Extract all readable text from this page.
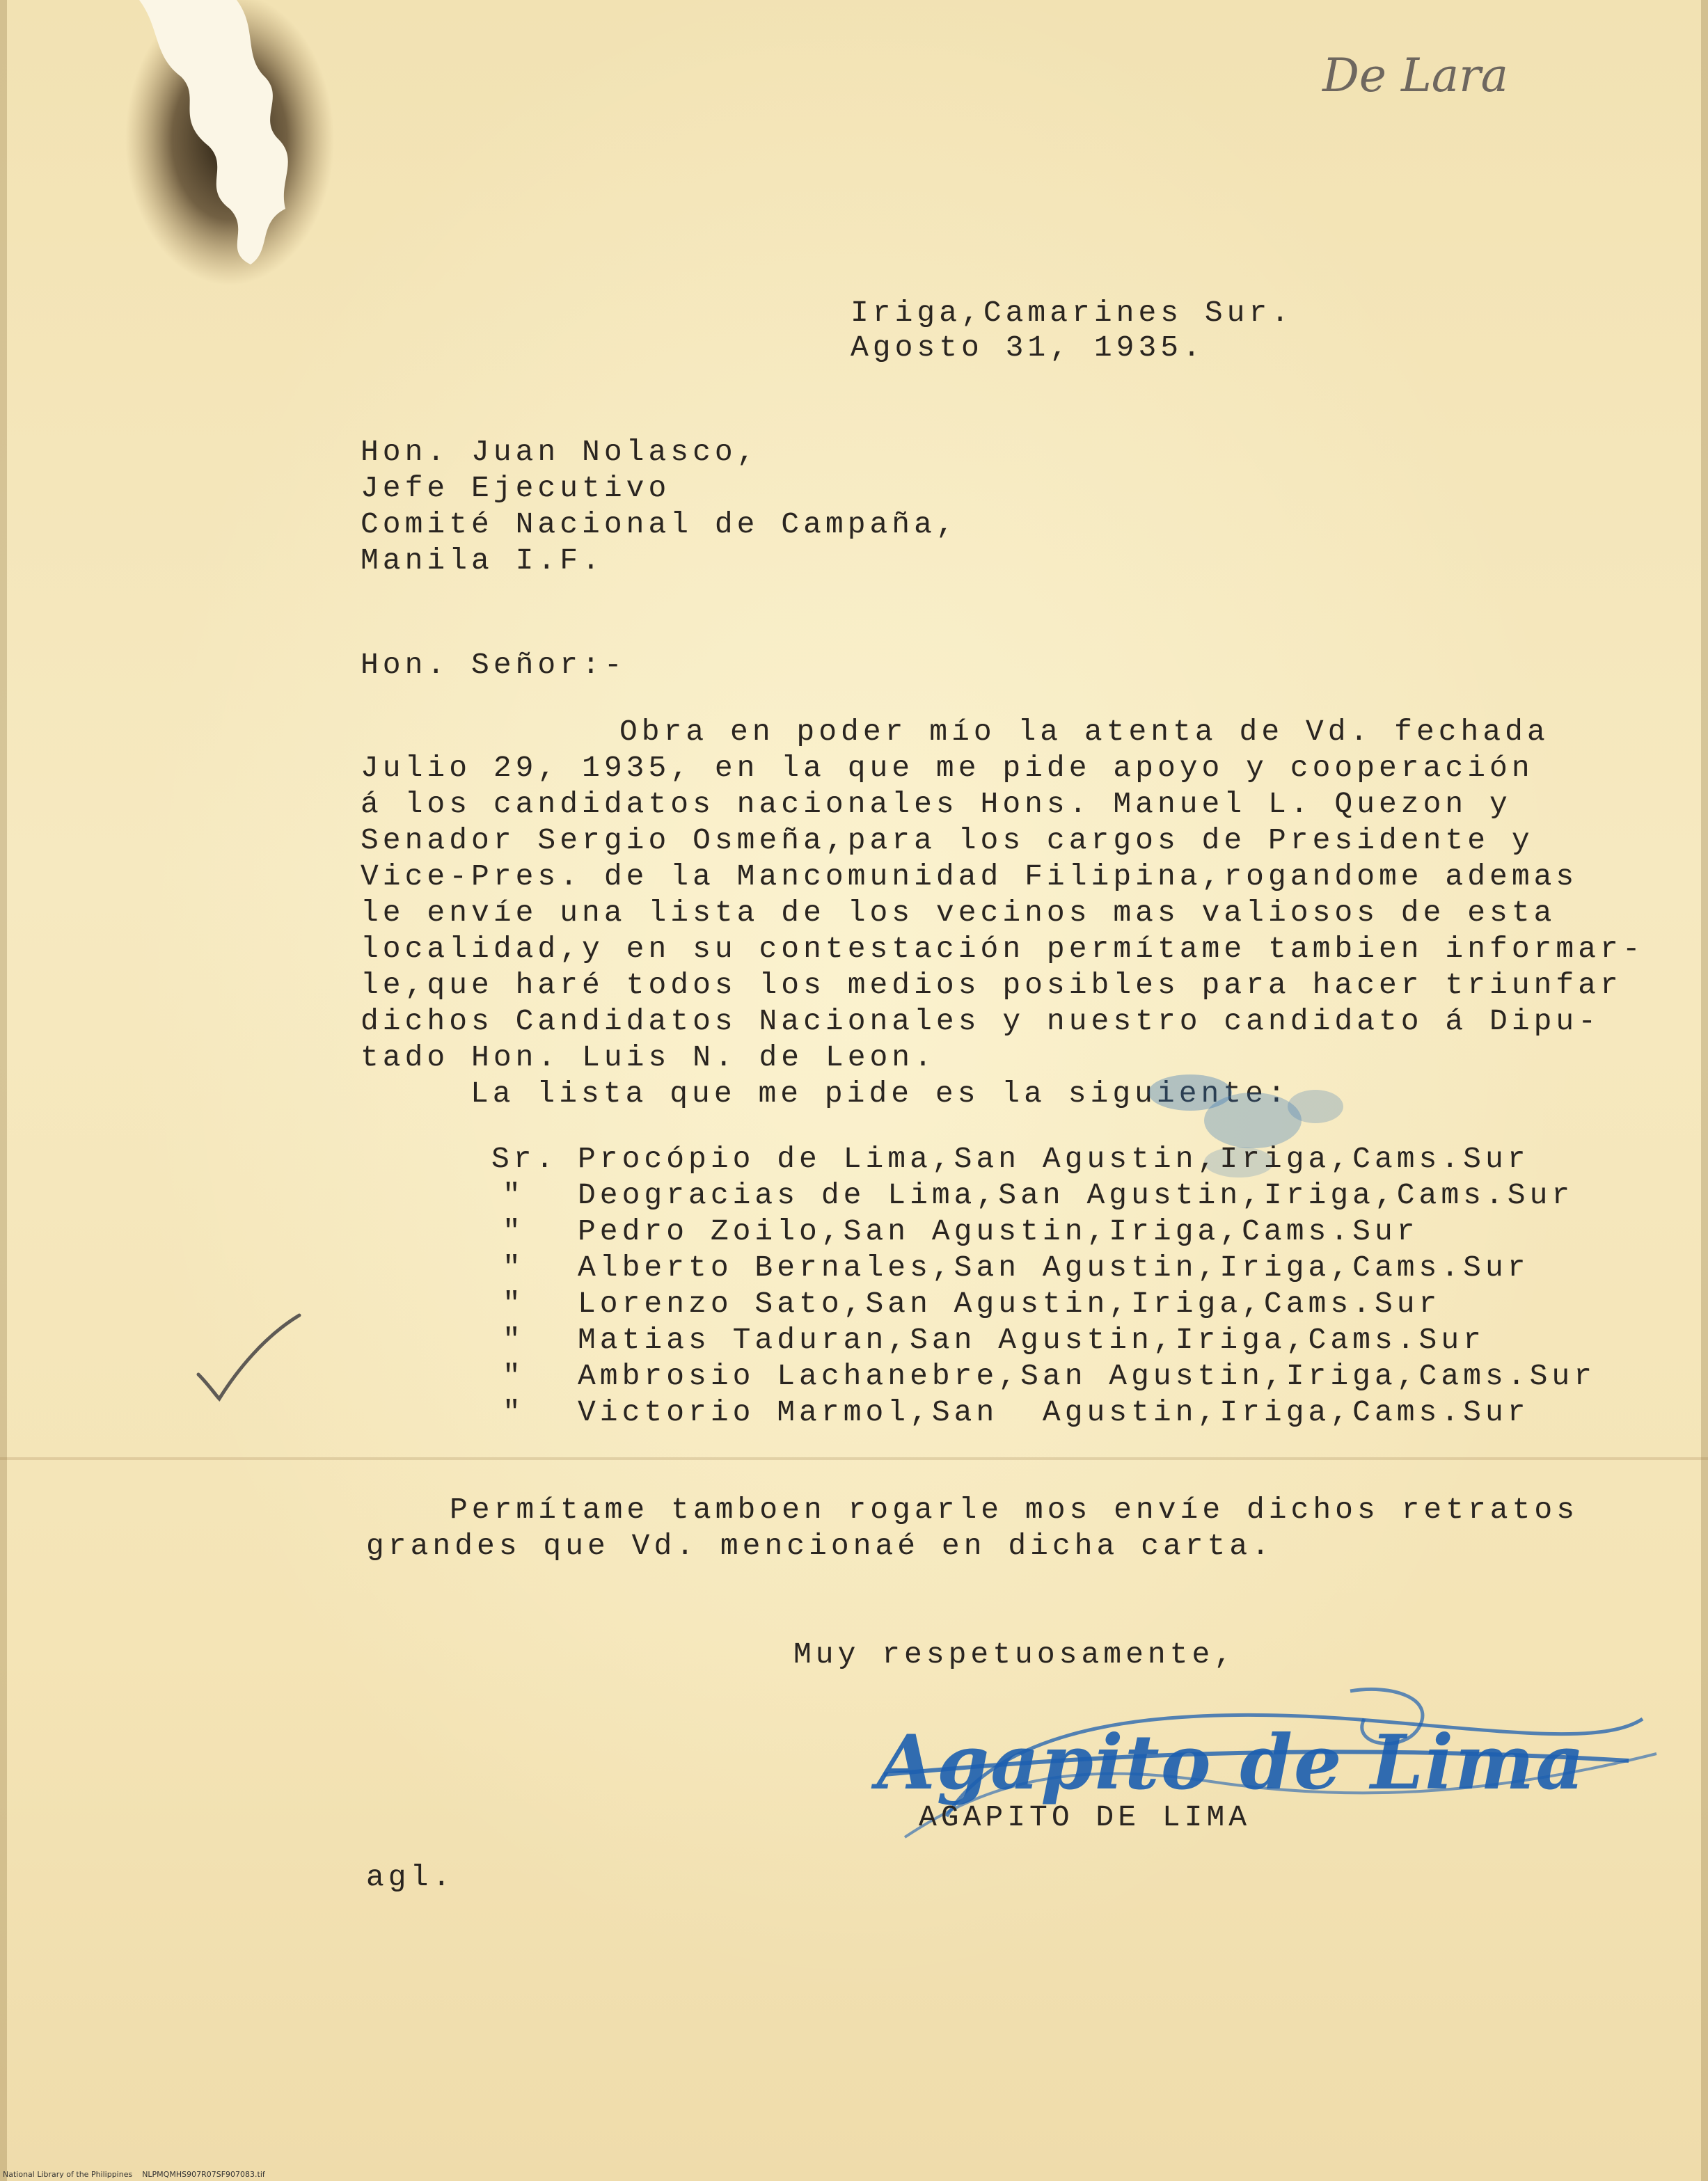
De Lara
Iriga,Camarines Sur.
Agosto 31, 1935.
Hon. Juan Nolasco,
Jefe Ejecutivo
Comité Nacional de Campaña,
Manila I.F.
Hon. Señor:-
Obra en poder mío la atenta de Vd. fechada
Julio 29, 1935, en la que me pide apoyo y cooperación
á los candidatos nacionales Hons. Manuel L. Quezon y
Senador Sergio Osmeña,para los cargos de Presidente y
Vice-Pres. de la Mancomunidad Filipina,rogandome ademas
le envíe una lista de los vecinos mas valiosos de esta
localidad,y en su contestación permítame tambien informar-
le,que haré todos los medios posibles para hacer triunfar
dichos Candidatos Nacionales y nuestro candidato á Dipu-
tado Hon. Luis N. de Leon.
La lista que me pide es la siguiente:
Sr. Procópio de Lima,San Agustin,Iriga,Cams.Sur
" Deogracias de Lima,San Agustin,Iriga,Cams.Sur
" Pedro Zoilo,San Agustin,Iriga,Cams.Sur
" Alberto Bernales,San Agustin,Iriga,Cams.Sur
" Lorenzo Sato,San Agustin,Iriga,Cams.Sur
" Matias Taduran,San Agustin,Iriga,Cams.Sur
" Ambrosio Lachanebre,San Agustin,Iriga,Cams.Sur
" Victorio Marmol,San  Agustin,Iriga,Cams.Sur
Permítame tamboen rogarle mos envíe dichos retratos
grandes que Vd. mencionaé en dicha carta.
Muy respetuosamente,
Agapito de Lima
AGAPITO DE LIMA
agl.
National Library of the Philippines    NLPMQMHS907R07SF907083.tif
